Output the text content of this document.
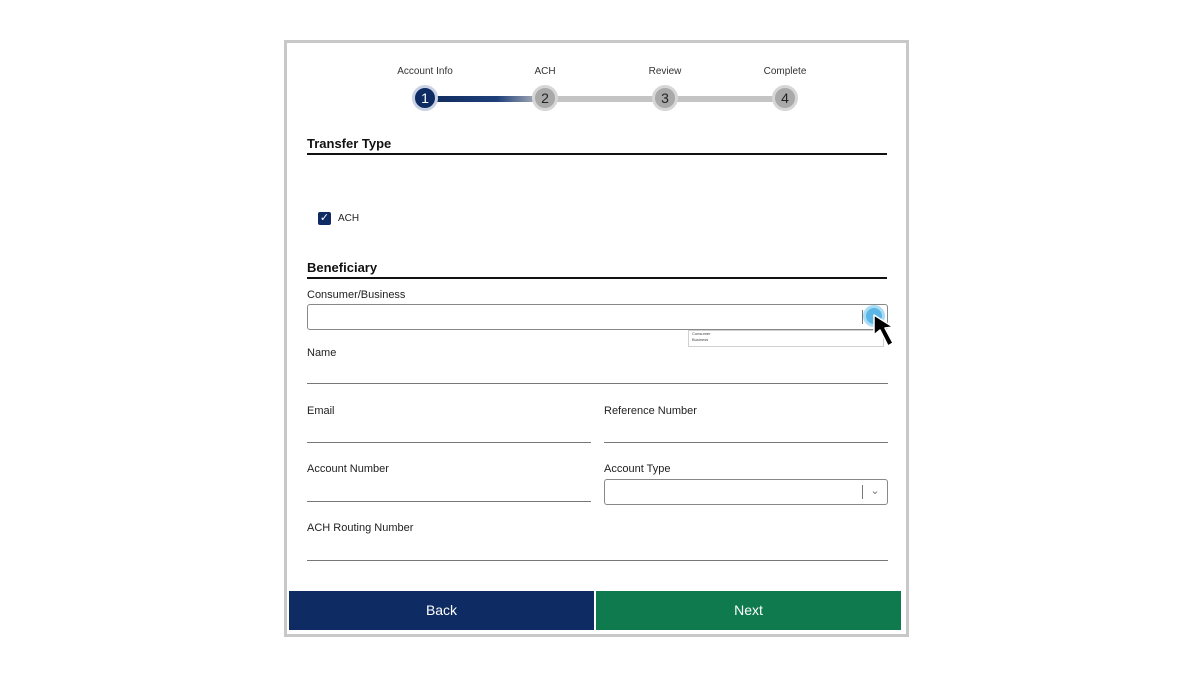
Account Info
1
ACH
2
Review
3
Complete
4
Transfer Type
✓ ACH
Beneficiary
Consumer/Business
Consumer
Business
Name
Email	Reference Number
Account Number	Account Type
⌄
ACH Routing Number
Back	Next
